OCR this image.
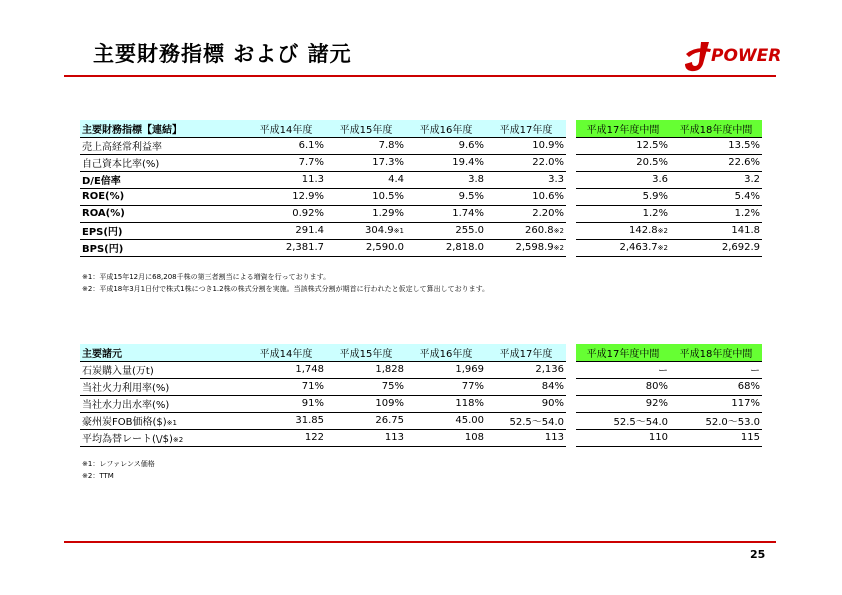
主要財務指標 および 諸元	POWER
主要財務指標【連結】	平成14年度	平成15年度	平成16年度	平成17年度		平成17年度中間	平成18年度中間
売上高経常利益率	6.1%	7.8%	9.6%	10.9%		12.5%	13.5%
自己資本比率(%)	7.7%	17.3%	19.4%	22.0%		20.5%	22.6%
D/E倍率	11.3	4.4	3.8	3.3		3.6	3.2
ROE(%)	12.9%	10.5%	9.5%	10.6%		5.9%	5.4%
ROA(%)	0.92%	1.29%	1.74%	2.20%		1.2%	1.2%
EPS(円)	291.4	304.9※1	255.0	260.8※2		142.8※2	141.8
BPS(円)	2,381.7	2,590.0	2,818.0	2,598.9※2		2,463.7※2	2,692.9
※1：平成15年12月に68,208千株の第三者割当による増資を行っております。
※2：平成18年3月1日付で株式1株につき1.2株の株式分割を実施。当該株式分割が期首に行われたと仮定して算出しております。
主要諸元	平成14年度	平成15年度	平成16年度	平成17年度		平成17年度中間	平成18年度中間
石炭購入量(万t)	1,748	1,828	1,969	2,136		ー	ー
当社火力利用率(%)	71%	75%	77%	84%		80%	68%
当社水力出水率(%)	91%	109%	118%	90%		92%	117%
豪州炭FOB価格($)※1	31.85	26.75	45.00	52.5～54.0		52.5～54.0	52.0～53.0
平均為替レート(\/$)※2	122	113	108	113		110	115
※1：レファレンス価格
※2：TTM
25
